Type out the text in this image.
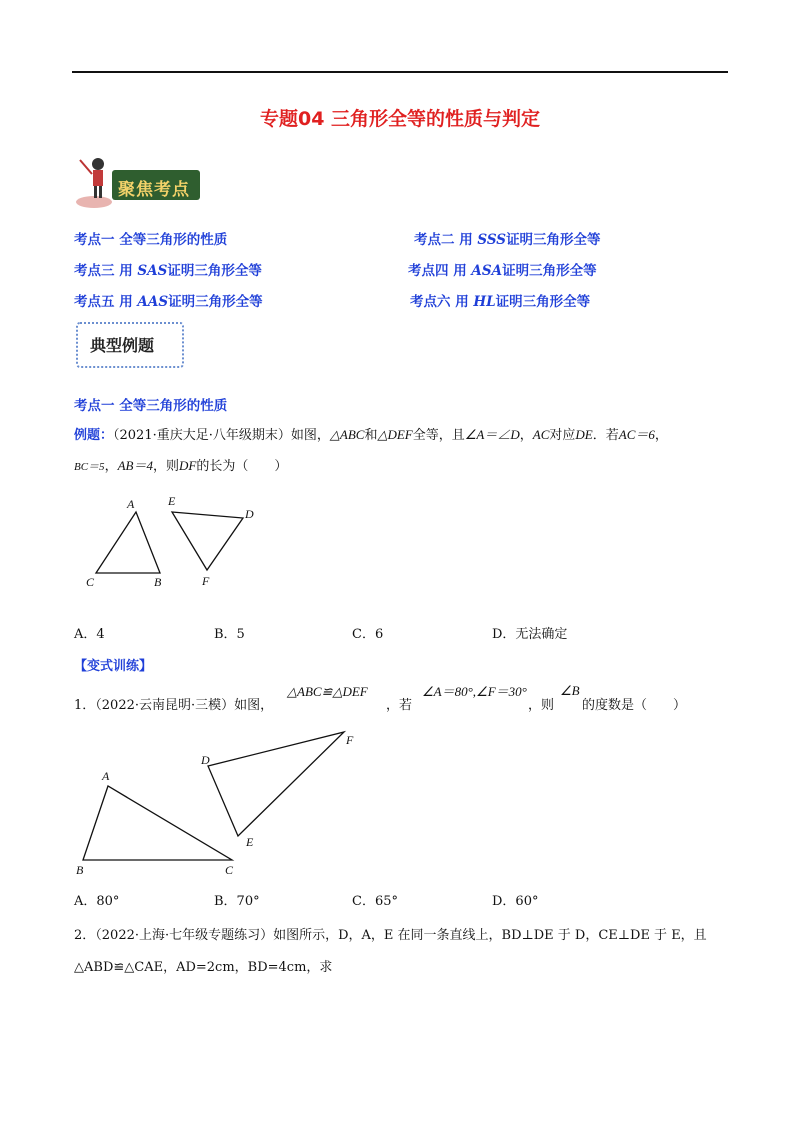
专题04 三角形全等的性质与判定
聚焦考点
考点一 全等三角形的性质	考点二 用 SSS证明三角形全等
考点三 用 SAS证明三角形全等	考点四 用 ASA证明三角形全等
考点五 用 AAS证明三角形全等	考点六 用 HL证明三角形全等
典型例题
考点一 全等三角形的性质
例题：（2021·重庆大足·八年级期末）如图，△ABC和△DEF全等，且∠A＝∠D，AC对应DE．若AC＝6，
BC＝5，AB＝4，则DF的长为（　　）
A
C	B
E
D
F
A．4	B．5	C．6	D．无法确定
【变式训练】
1．（2022·云南昆明·三模）如图，
△ABC≌△DEF
，若
∠A＝80°,∠F＝30°
，则
∠B
的度数是（　　）
A
B	C
D
E
F
A．80°	B．70°	C．65°	D．60°
2．（2022·上海·七年级专题练习）如图所示，D，A，E 在同一条直线上，BD⊥DE 于 D，CE⊥DE 于 E，且
△ABD≌△CAE，AD=2cm，BD=4cm，求
